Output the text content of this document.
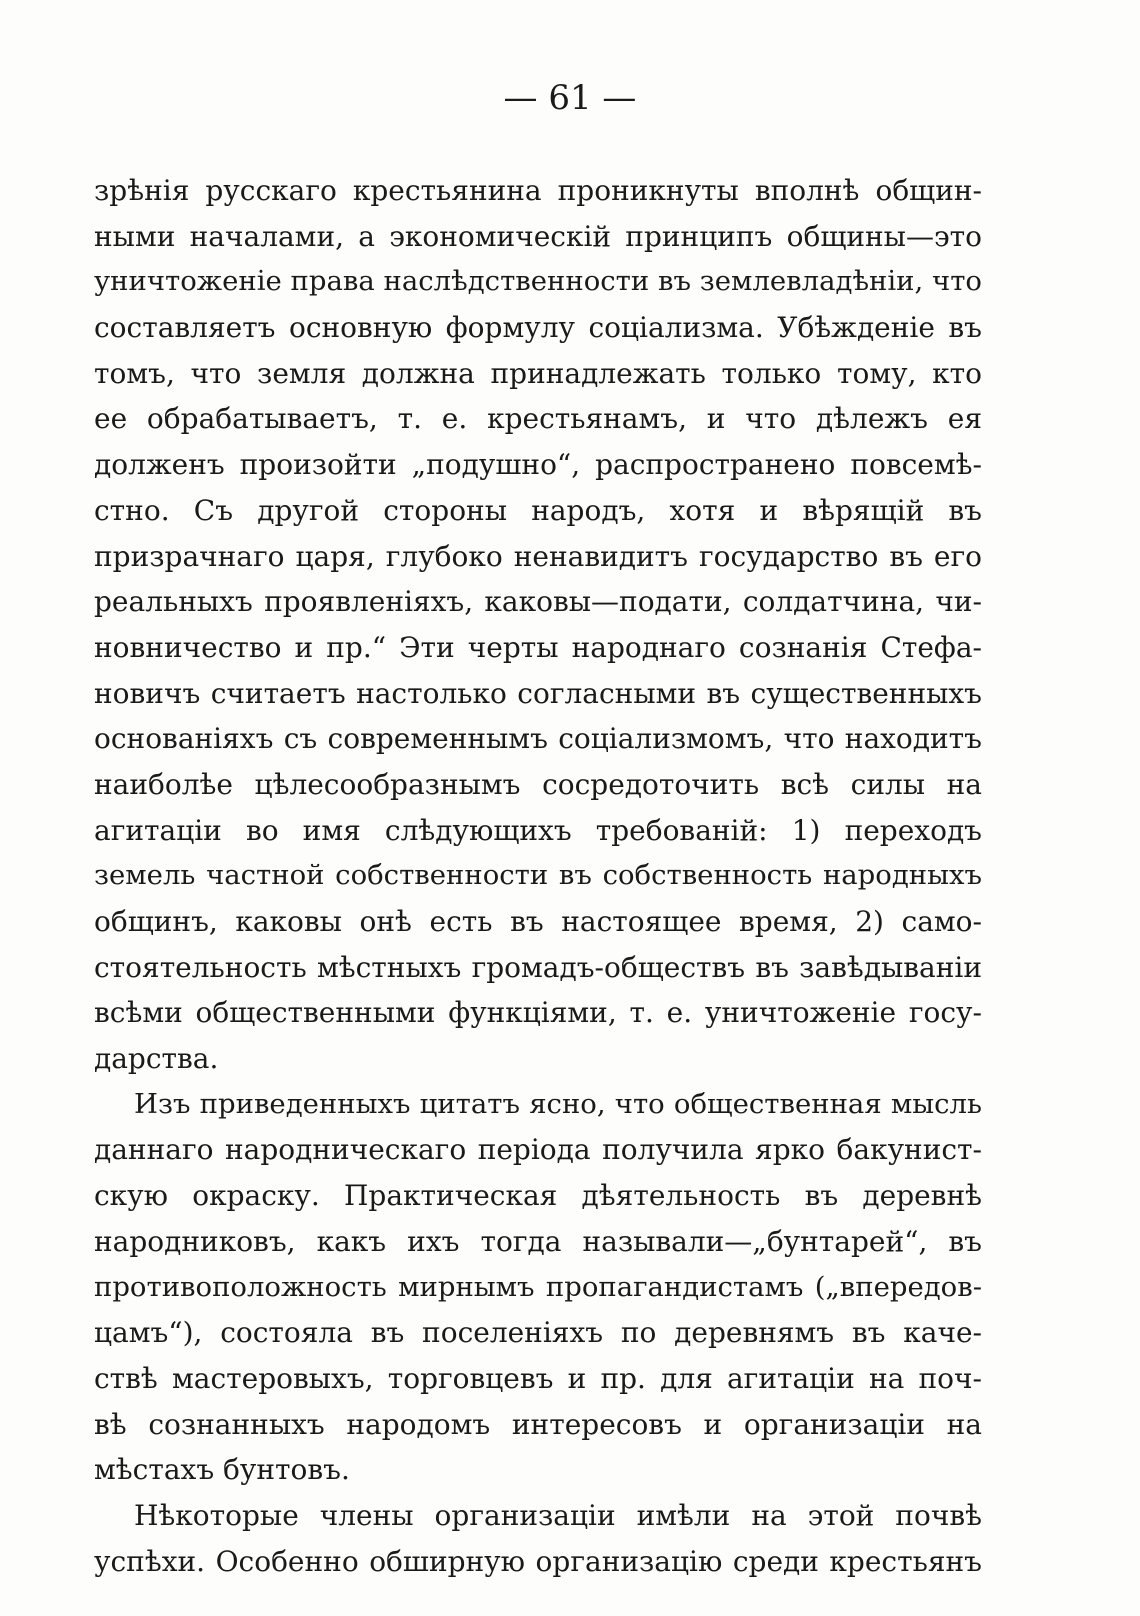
— 61 —
зрѣнія русскаго крестьянина проникнуты вполнѣ общин-
ными началами, а экономическій принципъ общины—это
уничтоженіе права наслѣдственности въ землевладѣніи, что
составляетъ основную формулу соціализма. Убѣжденіе въ
томъ, что земля должна принадлежать только тому, кто
ее обрабатываетъ, т. е. крестьянамъ, и что дѣлежъ ея
долженъ произойти „подушно“, распространено повсемѣ-
стно. Съ другой стороны народъ, хотя и вѣрящій въ
призрачнаго царя, глубоко ненавидитъ государство въ его
реальныхъ проявленіяхъ, каковы—подати, солдатчина, чи-
новничество и пр.“ Эти черты народнаго сознанія Стефа-
новичъ считаетъ настолько согласными въ существенныхъ
основаніяхъ съ современнымъ соціализмомъ, что находитъ
наиболѣе цѣлесообразнымъ сосредоточить всѣ силы на
агитаціи во имя слѣдующихъ требованій: 1) переходъ
земель частной собственности въ собственность народныхъ
общинъ, каковы онѣ есть въ настоящее время, 2) само-
стоятельность мѣстныхъ громадъ-обществъ въ завѣдываніи
всѣми общественными функціями, т. е. уничтоженіе госу-
дарства.
Изъ приведенныхъ цитатъ ясно, что общественная мысль
даннаго народническаго періода получила ярко бакунист-
скую окраску. Практическая дѣятельность въ деревнѣ
народниковъ, какъ ихъ тогда называли—„бунтарей“, въ
противоположность мирнымъ пропагандистамъ („впередов-
цамъ“), состояла въ поселеніяхъ по деревнямъ въ каче-
ствѣ мастеровыхъ, торговцевъ и пр. для агитаціи на поч-
вѣ сознанныхъ народомъ интересовъ и организаціи на
мѣстахъ бунтовъ.
Нѣкоторые члены организаціи имѣли на этой почвѣ
успѣхи. Особенно обширную организацію среди крестьянъ
